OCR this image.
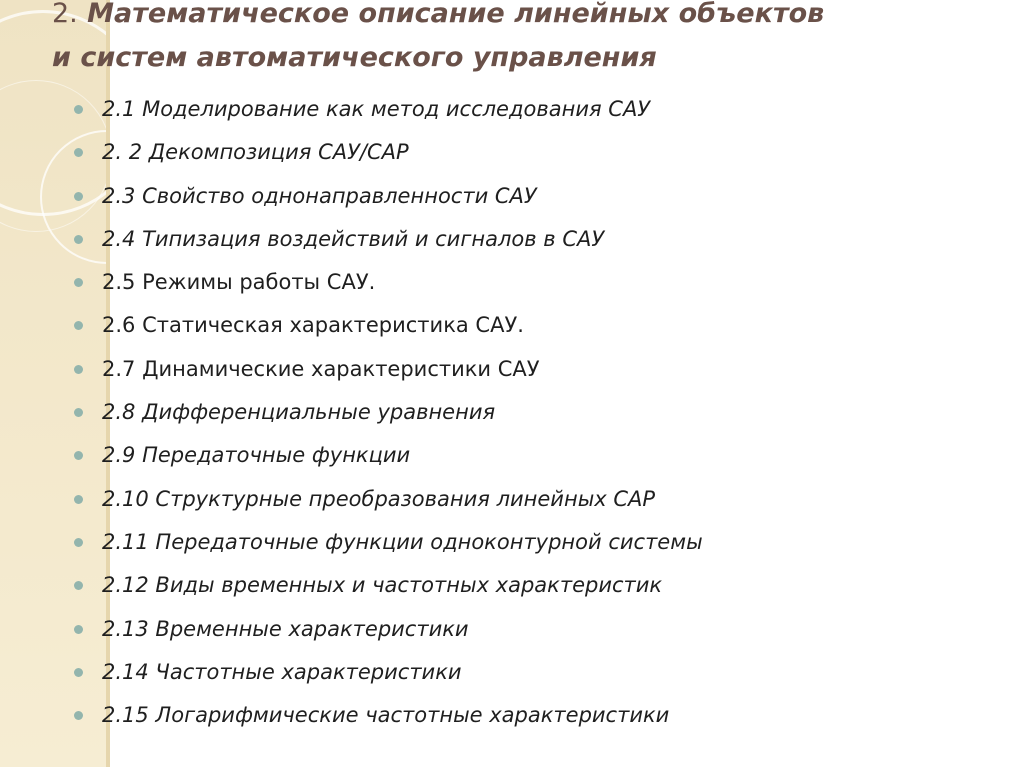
2. Математическое описание линейных объектов
и систем автоматического управления
2.1 Моделирование как метод исследования САУ
2. 2 Декомпозиция САУ/САР
2.3 Свойство однонаправленности САУ
2.4 Типизация воздействий и сигналов в САУ
2.5 Режимы работы САУ.
2.6 Статическая характеристика САУ.
2.7 Динамические характеристики САУ
2.8 Дифференциальные уравнения
2.9 Передаточные функции
2.10 Структурные преобразования линейных САР
2.11 Передаточные функции одноконтурной системы
2.12 Виды временных и частотных характеристик
2.13 Временные характеристики
2.14 Частотные характеристики
2.15 Логарифмические частотные характеристики
